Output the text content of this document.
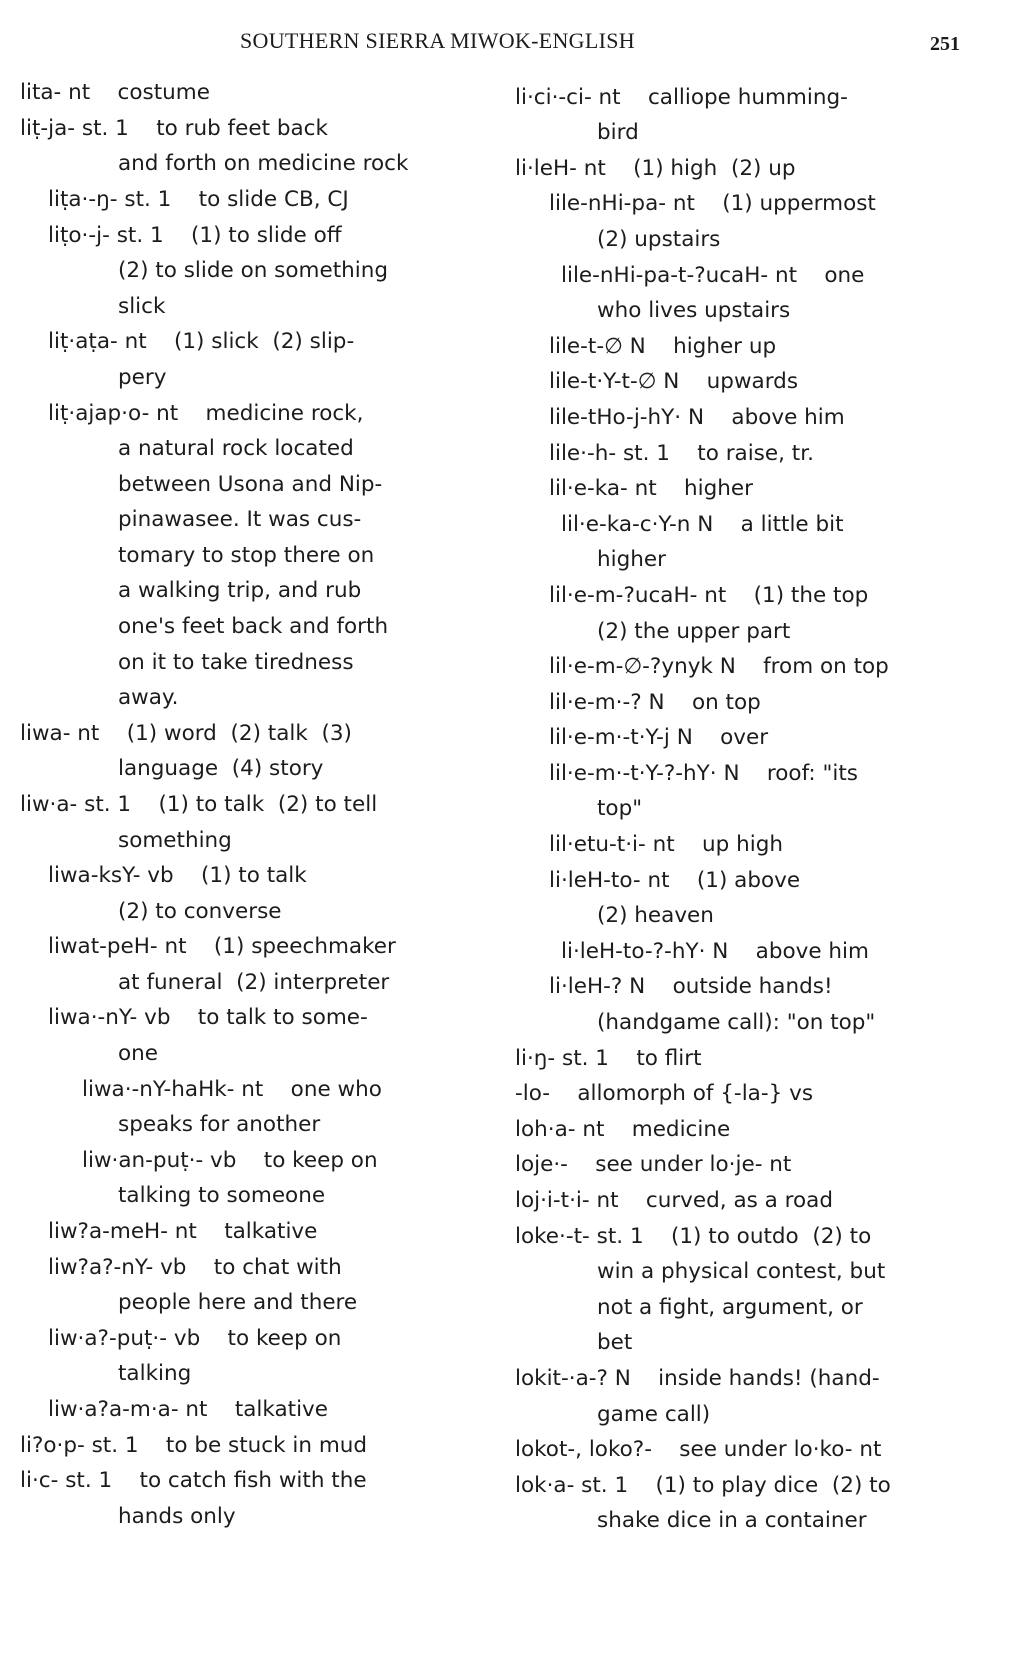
SOUTHERN SIERRA MIWOK-ENGLISH	251
lita- nt    costume
liṭ-ja- st. 1    to rub feet back
and forth on medicine rock
liṭa·-ŋ- st. 1    to slide CB, CJ
liṭo·-j- st. 1    (1) to slide off
(2) to slide on something
slick
liṭ·aṭa- nt    (1) slick  (2) slip-
pery
liṭ·ajap·o- nt    medicine rock,
a natural rock located
between Usona and Nip-
pinawasee. It was cus-
tomary to stop there on
a walking trip, and rub
one's feet back and forth
on it to take tiredness
away.
liwa- nt    (1) word  (2) talk  (3)
language  (4) story
liw·a- st. 1    (1) to talk  (2) to tell
something
liwa-ksY- vb    (1) to talk
(2) to converse
liwat-peH- nt    (1) speechmaker
at funeral  (2) interpreter
liwa·-nY- vb    to talk to some-
one
liwa·-nY-haHk- nt    one who
speaks for another
liw·an-puṭ·- vb    to keep on
talking to someone
liw?a-meH- nt    talkative
liw?a?-nY- vb    to chat with
people here and there
liw·a?-puṭ·- vb    to keep on
talking
liw·a?a-m·a- nt    talkative
li?o·p- st. 1    to be stuck in mud
li·c- st. 1    to catch fish with the
hands only
li·ci·-ci- nt    calliope humming-
bird
li·leH- nt    (1) high  (2) up
lile-nHi-pa- nt    (1) uppermost
(2) upstairs
lile-nHi-pa-t-?ucaH- nt    one
who lives upstairs
lile-t-∅ N    higher up
lile-t·Y-t-∅ N    upwards
lile-tHo-j-hY· N    above him
lile·-h- st. 1    to raise, tr.
lil·e-ka- nt    higher
lil·e-ka-c·Y-n N    a little bit
higher
lil·e-m-?ucaH- nt    (1) the top
(2) the upper part
lil·e-m-∅-?ynyk N    from on top
lil·e-m·-? N    on top
lil·e-m·-t·Y-j N    over
lil·e-m·-t·Y-?-hY· N    roof: "its
top"
lil·etu-t·i- nt    up high
li·leH-to- nt    (1) above
(2) heaven
li·leH-to-?-hY· N    above him
li·leH-? N    outside hands!
(handgame call): "on top"
li·ŋ- st. 1    to flirt
-lo-    allomorph of {-la-} vs
loh·a- nt    medicine
loje·-    see under lo·je- nt
loj·i-t·i- nt    curved, as a road
loke·-t- st. 1    (1) to outdo  (2) to
win a physical contest, but
not a fight, argument, or
bet
lokit-·a-? N    inside hands! (hand-
game call)
lokot-, loko?-    see under lo·ko- nt
lok·a- st. 1    (1) to play dice  (2) to
shake dice in a container
